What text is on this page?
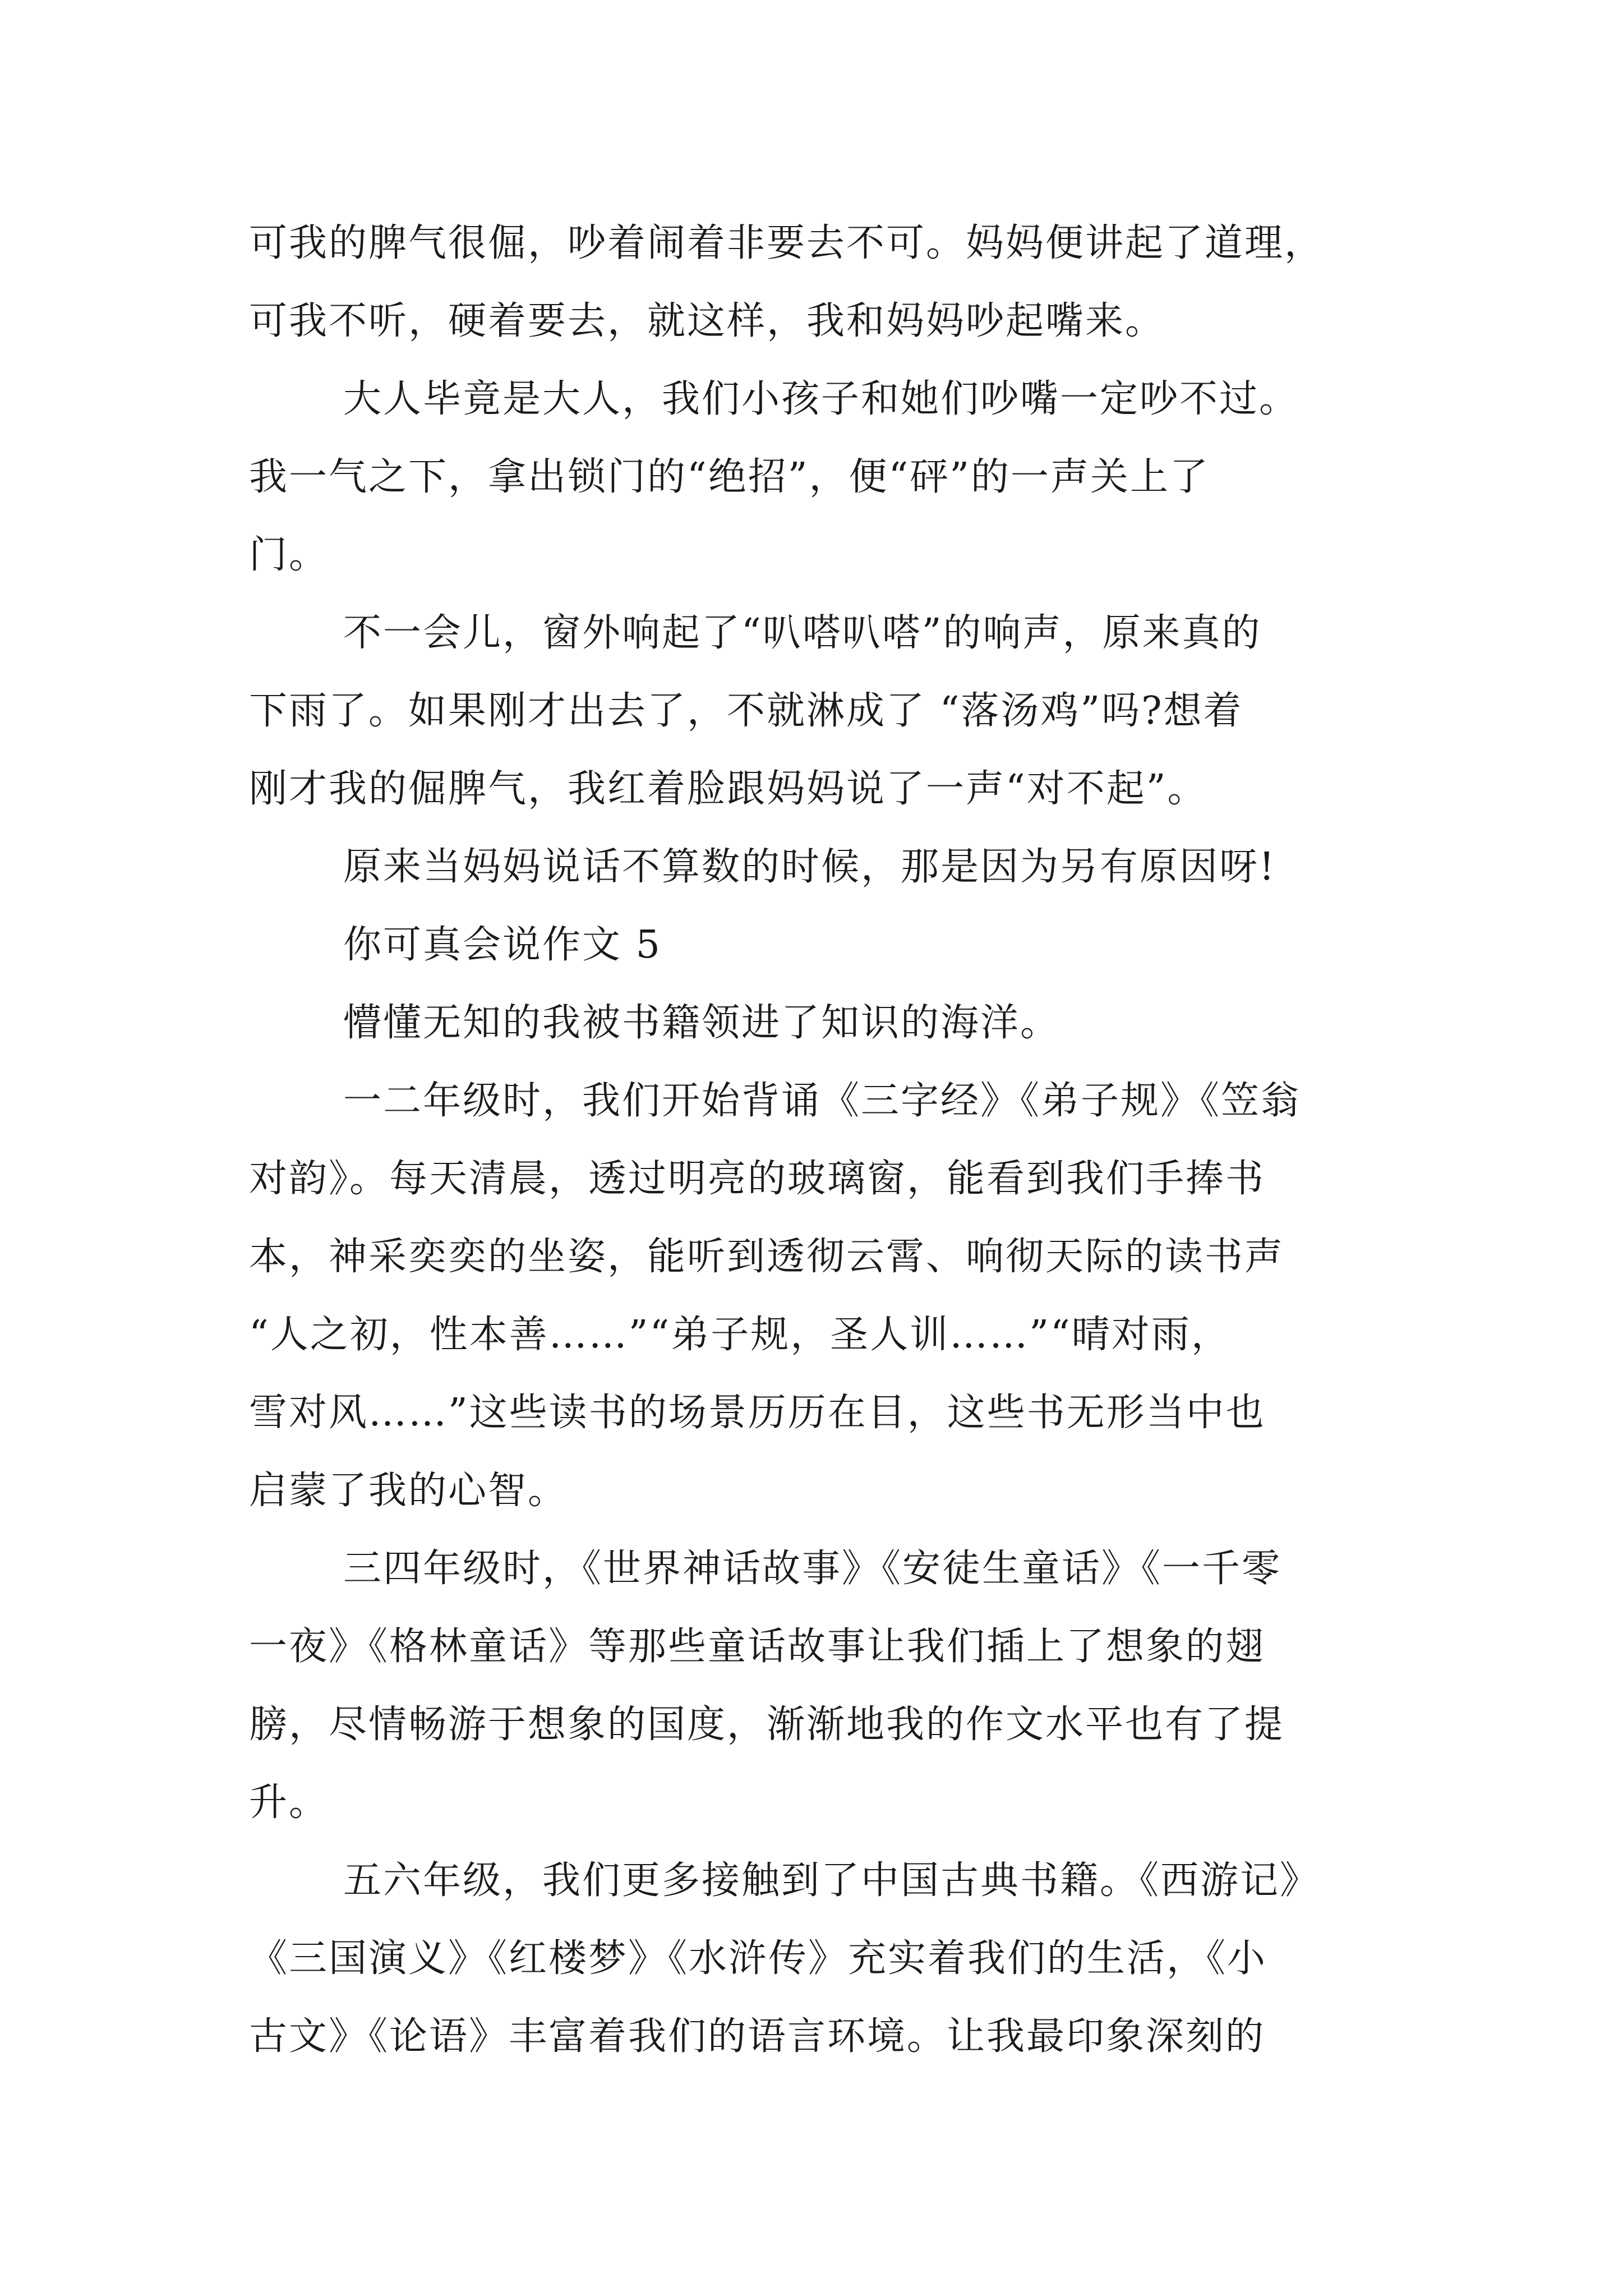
可我的脾气很倔，吵着闹着非要去不可。妈妈便讲起了道理，
可我不听，硬着要去，就这样，我和妈妈吵起嘴来。
大人毕竟是大人，我们小孩子和她们吵嘴一定吵不过。
我一气之下，拿出锁门的“绝招”，便“砰”的一声关上了
门。
不一会儿，窗外响起了“叭嗒叭嗒”的响声，原来真的
下雨了。如果刚才出去了，不就淋成了 “落汤鸡”吗?想着
刚才我的倔脾气，我红着脸跟妈妈说了一声“对不起”。
原来当妈妈说话不算数的时候，那是因为另有原因呀!
你可真会说作文 5
懵懂无知的我被书籍领进了知识的海洋。
一二年级时，我们开始背诵《三字经》《弟子规》《笠翁
对韵》。每天清晨，透过明亮的玻璃窗，能看到我们手捧书
本，神采奕奕的坐姿，能听到透彻云霄、响彻天际的读书声
“人之初，性本善……”“弟子规，圣人训……”“晴对雨，
雪对风……”这些读书的场景历历在目，这些书无形当中也
启蒙了我的心智。
三四年级时，《世界神话故事》《安徒生童话》《一千零
一夜》《格林童话》等那些童话故事让我们插上了想象的翅
膀，尽情畅游于想象的国度，渐渐地我的作文水平也有了提
升。
五六年级，我们更多接触到了中国古典书籍。《西游记》
《三国演义》《红楼梦》《水浒传》充实着我们的生活，《小
古文》《论语》丰富着我们的语言环境。让我最印象深刻的
